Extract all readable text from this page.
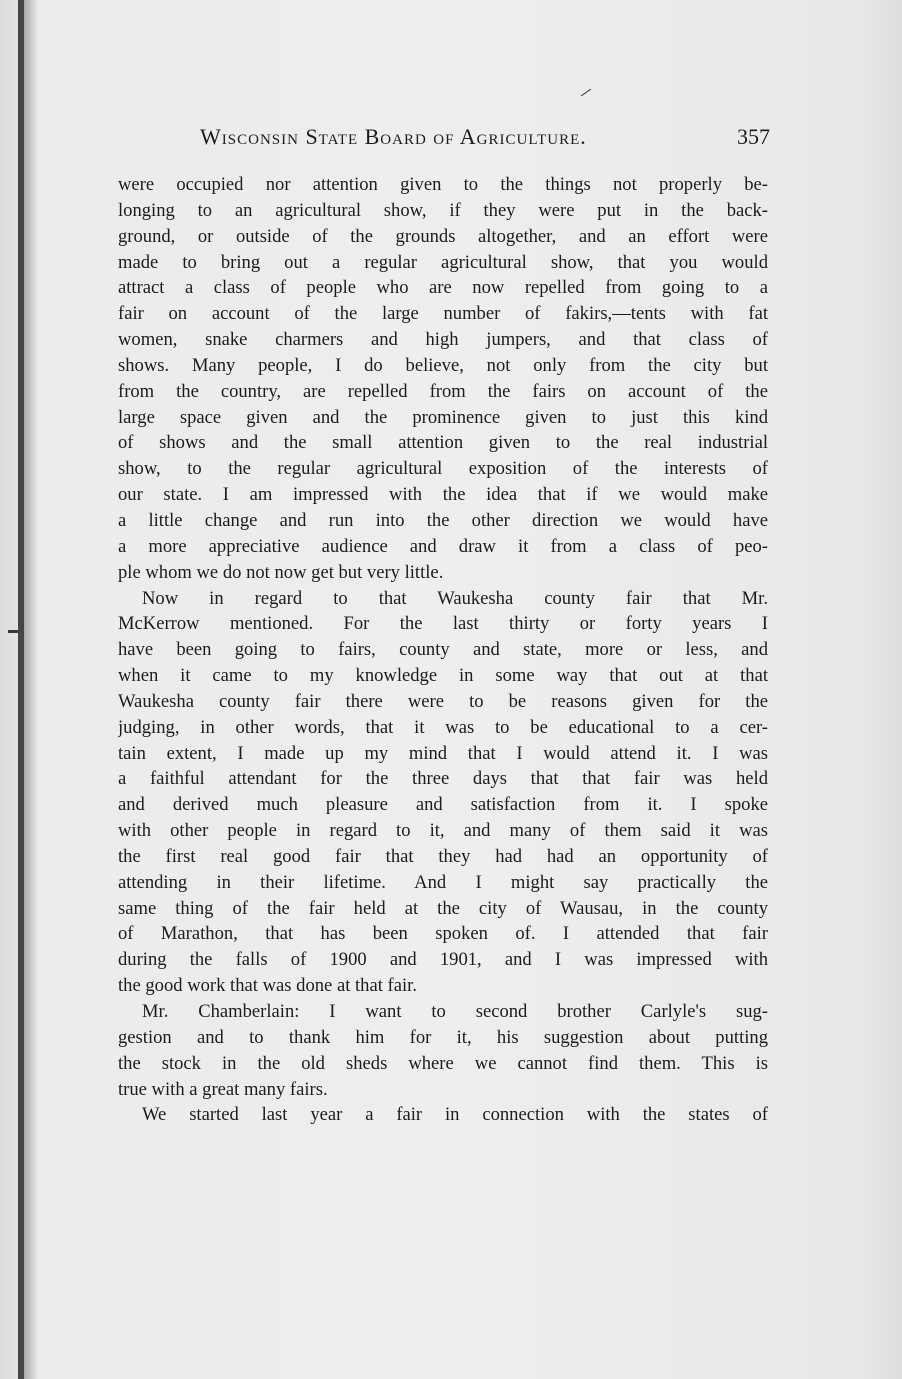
Wisconsin State Board of Agriculture.	357
were occupied nor attention given to the things not properly be-
longing to an agricultural show, if they were put in the back-
ground, or outside of the grounds altogether, and an effort were
made to bring out a regular agricultural show, that you would
attract a class of people who are now repelled from going to a
fair on account of the large number of fakirs,—tents with fat
women, snake charmers and high jumpers, and that class of
shows. Many people, I do believe, not only from the city but
from the country, are repelled from the fairs on account of the
large space given and the prominence given to just this kind
of shows and the small attention given to the real industrial
show, to the regular agricultural exposition of the interests of
our state. I am impressed with the idea that if we would make
a little change and run into the other direction we would have
a more appreciative audience and draw it from a class of peo-
ple whom we do not now get but very little.
Now in regard to that Waukesha county fair that Mr.
McKerrow mentioned. For the last thirty or forty years I
have been going to fairs, county and state, more or less, and
when it came to my knowledge in some way that out at that
Waukesha county fair there were to be reasons given for the
judging, in other words, that it was to be educational to a cer-
tain extent, I made up my mind that I would attend it. I was
a faithful attendant for the three days that that fair was held
and derived much pleasure and satisfaction from it. I spoke
with other people in regard to it, and many of them said it was
the first real good fair that they had had an opportunity of
attending in their lifetime. And I might say practically the
same thing of the fair held at the city of Wausau, in the county
of Marathon, that has been spoken of. I attended that fair
during the falls of 1900 and 1901, and I was impressed with
the good work that was done at that fair.
Mr. Chamberlain: I want to second brother Carlyle's sug-
gestion and to thank him for it, his suggestion about putting
the stock in the old sheds where we cannot find them. This is
true with a great many fairs.
We started last year a fair in connection with the states of
